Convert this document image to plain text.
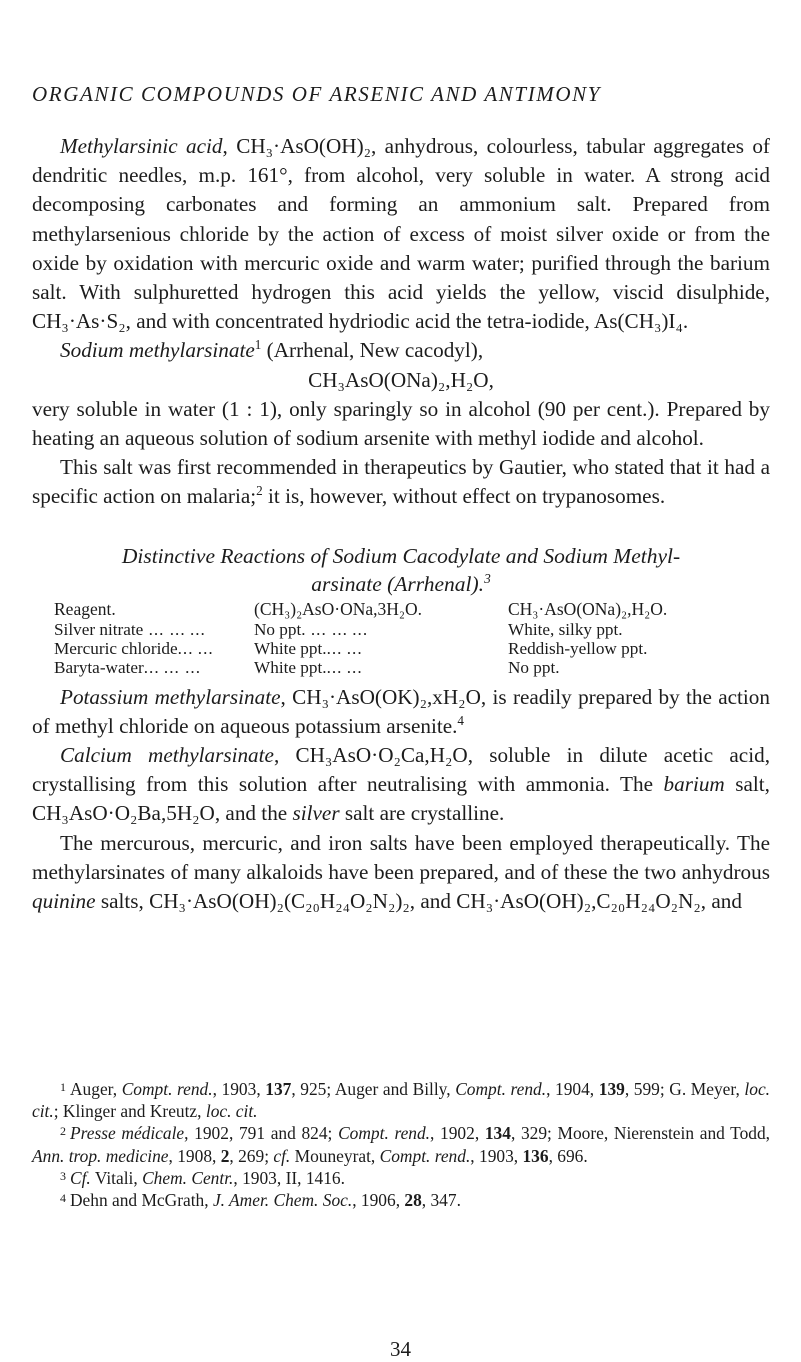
ORGANIC COMPOUNDS OF ARSENIC AND ANTIMONY

Methylarsinic acid, CH₃·AsO(OH)₂, anhydrous, colourless, tabular aggregates of dendritic needles, m.p. 161°, from alcohol, very soluble in water. A strong acid decomposing carbonates and forming an ammonium salt. Prepared from methylarsenious chloride by the action of excess of moist silver oxide or from the oxide by oxidation with mercuric oxide and warm water; purified through the barium salt. With sulphuretted hydrogen this acid yields the yellow, viscid disulphide, CH₃·As·S₂, and with concentrated hydriodic acid the tetra-iodide, As(CH₃)I₄.

Sodium methylarsinate$^1$ (Arrhenal, New cacodyl),

CH₃AsO(ONa)₂,H₂O,

very soluble in water (1 : 1), only sparingly so in alcohol (90 per cent.). Prepared by heating an aqueous solution of sodium arsenite with methyl iodide and alcohol.

This salt was first recommended in therapeutics by Gautier, who stated that it had a specific action on malaria;$^2$ it is, however, without effect on trypanosomes.

Distinctive Reactions of Sodium Cacodylate and Sodium Methyl-
arsinate (Arrhenal).$^3$

Reagent.	(CH₃)₂AsO·ONa,3H₂O.	CH₃·AsO(ONa)₂,H₂O.
Silver nitrate ... ... ...	No ppt. ... ... ...	White, silky ppt.
Mercuric chloride... ...	White ppt.... ...	Reddish-yellow ppt.
Baryta-water... ... ...	White ppt.... ...	No ppt.

Potassium methylarsinate, CH₃·AsO(OK)₂,xH₂O, is readily prepared by the action of methyl chloride on aqueous potassium arsenite.$^4$

Calcium methylarsinate, CH₃AsO·O₂Ca,H₂O, soluble in dilute acetic acid, crystallising from this solution after neutralising with ammonia. The barium salt, CH₃AsO·O₂Ba,5H₂O, and the silver salt are crystalline.

The mercurous, mercuric, and iron salts have been employed therapeutically. The methylarsinates of many alkaloids have been prepared, and of these the two anhydrous quinine salts, CH₃·AsO(OH)₂(C₂₀H₂₄O₂N₂)₂, and CH₃·AsO(OH)₂,C₂₀H₂₄O₂N₂, and

$^1$ Auger, Compt. rend., 1903, 137, 925; Auger and Billy, Compt. rend., 1904, 139, 599; G. Meyer, loc. cit.; Klinger and Kreutz, loc. cit.

$^2$ Presse médicale, 1902, 791 and 824; Compt. rend., 1902, 134, 329; Moore, Nierenstein and Todd, Ann. trop. medicine, 1908, 2, 269; cf. Mouneyrat, Compt. rend., 1903, 136, 696.

$^3$ Cf. Vitali, Chem. Centr., 1903, II, 1416.

$^4$ Dehn and McGrath, J. Amer. Chem. Soc., 1906, 28, 347.

34
